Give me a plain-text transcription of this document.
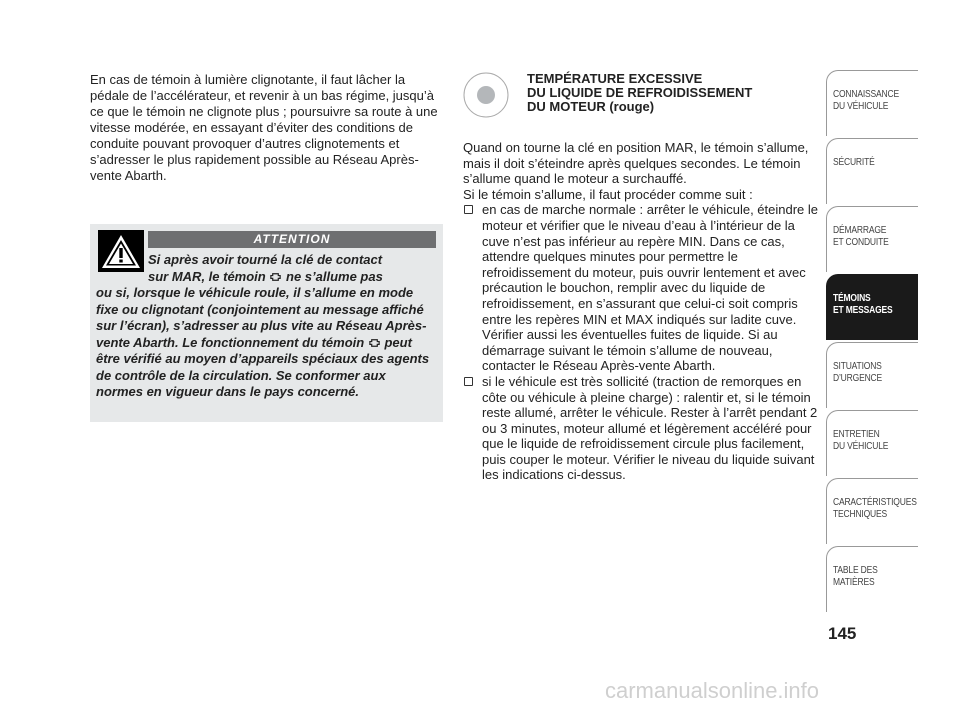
En cas de témoin à lumière clignotante, il faut lâcher la pédale de l’accélérateur, et revenir à un bas régime, jusqu’à ce que le témoin ne clignote plus ; poursuivre sa route à une vitesse modérée, en essayant d’éviter des conditions de conduite pouvant provoquer d’autres clignotements et s’adresser le plus rapidement possible au Réseau Après-vente Abarth.

ATTENTION
Si après avoir tourné la clé de contact
sur MAR, le témoin ne s’allume pas
ou si, lorsque le véhicule roule, il s’allume en mode fixe ou clignotant (conjointement au message affiché sur l’écran), s’adresser au plus vite au Réseau Après-vente Abarth. Le fonctionnement du témoin peut être vérifié au moyen d’appareils spéciaux des agents de contrôle de la circulation. Se conformer aux normes en vigueur dans le pays concerné.
TEMPÉRATURE EXCESSIVE
DU LIQUIDE DE REFROIDISSEMENT
DU MOTEUR (rouge)

Quand on tourne la clé en position MAR, le témoin s’allume, mais il doit s’éteindre après quelques secondes. Le témoin s’allume quand le moteur a surchauffé.

Si le témoin s’allume, il faut procéder comme suit :

en cas de marche normale : arrêter le véhicule, éteindre le moteur et vérifier que le niveau d’eau à l’intérieur de la cuve n’est pas inférieur au repère MIN. Dans ce cas, attendre quelques minutes pour permettre le refroidissement du moteur, puis ouvrir lentement et avec précaution le bouchon, remplir avec du liquide de refroidissement, en s’assurant que celui-ci soit compris entre les repères MIN et MAX indiqués sur ladite cuve. Vérifier aussi les éventuelles fuites de liquide. Si au démarrage suivant le témoin s’allume de nouveau, contacter le Réseau Après-vente Abarth.
si le véhicule est très sollicité (traction de remorques en côte ou véhicule à pleine charge) : ralentir et, si le témoin reste allumé, arrêter le véhicule. Rester à l’arrêt pendant 2 ou 3 minutes, moteur allumé et légèrement accéléré pour que le liquide de refroidissement circule plus facilement, puis couper le moteur. Vérifier le niveau du liquide suivant les indications ci-dessus.
CONNAISSANCE
DU VÉHICULE
SÉCURITÉ
DÉMARRAGE
ET CONDUITE
TÉMOINS
ET MESSAGES
SITUATIONS
D’URGENCE
ENTRETIEN
DU VÉHICULE
CARACTÉRISTIQUES
TECHNIQUES
TABLE DES
MATIÈRES
145
carmanualsonline.info
